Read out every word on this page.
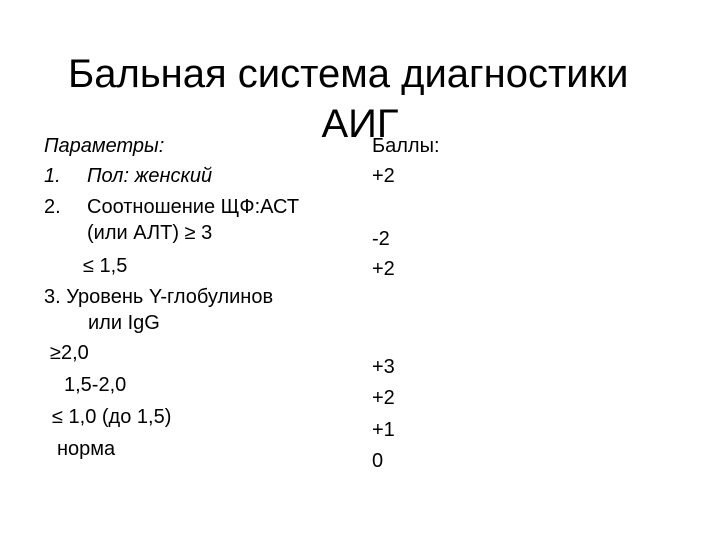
Бальная система диагностики
АИГ
Параметры:
1. Пол: женский
2. Соотношение ЩФ:АСТ
(или АЛТ) ≥ 3
≤ 1,5
3. Уровень Y-глобулинов
или IgG
≥2,0
1,5-2,0
≤ 1,0 (до 1,5)
норма
Баллы:
+2
-2
+2
+3
+2
+1
0
